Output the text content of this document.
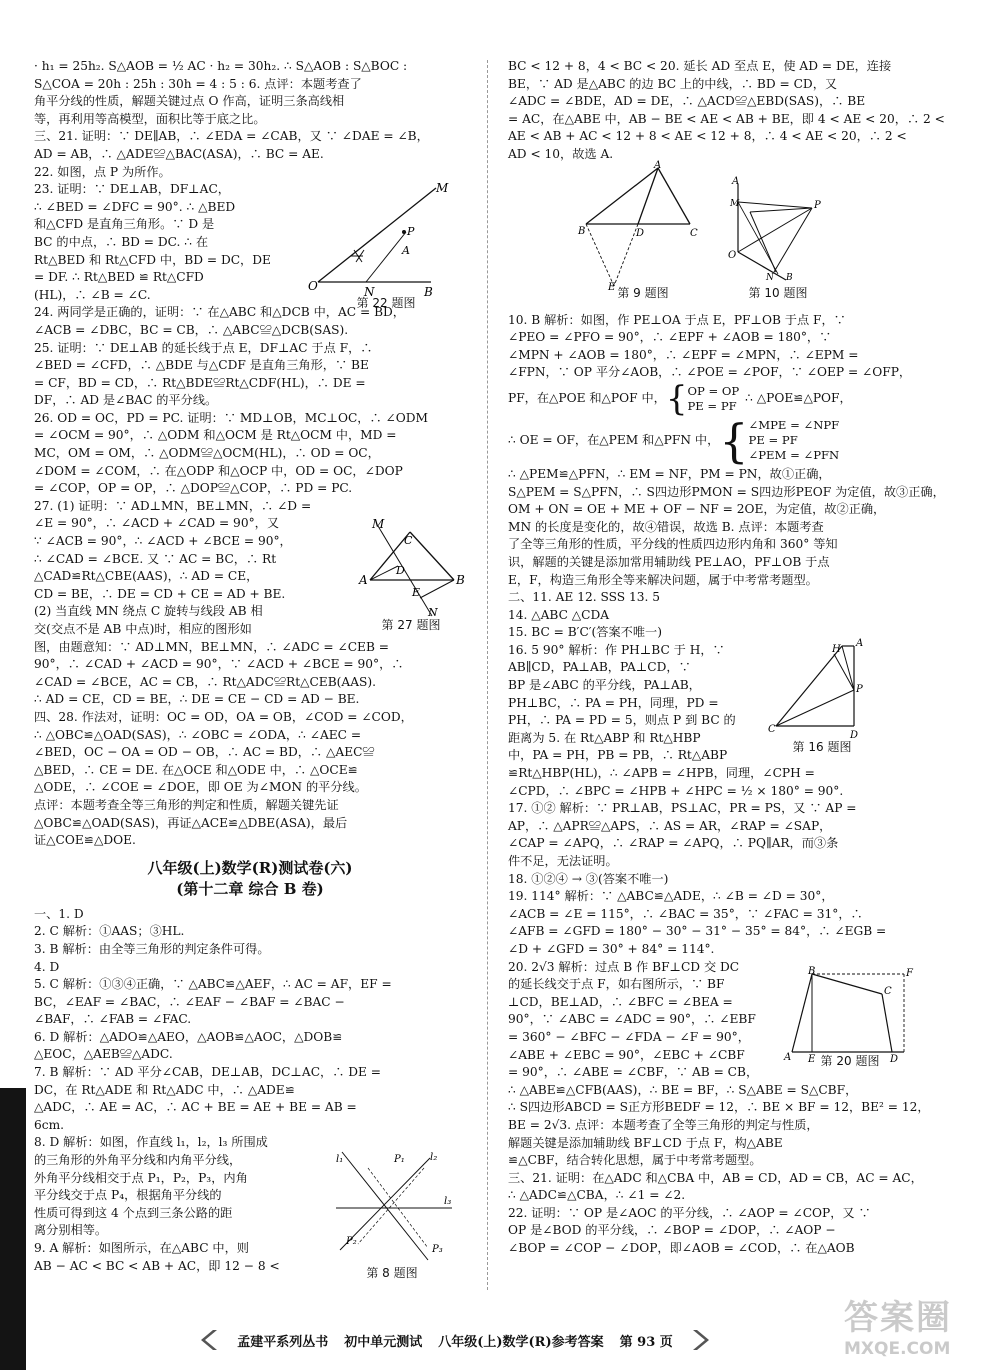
· h₁ = 25h₂. S△AOB = ½ AC · h₂ = 30h₂. ∴ S△AOB : S△BOC :
S△COA = 20h : 25h : 30h = 4 : 5 : 6. 点评：本题考查了
角平分线的性质，解题关键过点 O 作高，证明三条高线相
等，再利用等高模型，面积比等于底之比。
三、21. 证明：∵ DE∥AB，∴ ∠EDA = ∠CAB，又 ∵ ∠DAE = ∠B，
AD = AB，∴ △ADE≌△BAC(ASA)，∴ BC = AE.
22. 如图，点 P 为所作。
23. 证明：∵ DE⊥AB，DF⊥AC，
∴ ∠BED = ∠DFC = 90°. ∴ △BED
和△CFD 是直角三角形。∵ D 是
BC 的中点，∴ BD = DC. ∴ 在
Rt△BED 和 Rt△CFD 中，BD = DC，DE
= DF. ∴ Rt△BED ≌ Rt△CFD
(HL)，∴ ∠B = ∠C.
24. 两同学是正确的，证明：∵ 在△ABC 和△DCB 中，AC = BD，
∠ACB = ∠DBC，BC = CB，∴ △ABC≌△DCB(SAS).
25. 证明：∵ DE⊥AB 的延长线于点 E，DF⊥AC 于点 F，∴
∠BED = ∠CFD，∴ △BDE 与△CDF 是直角三角形，∵ BE
= CF，BD = CD，∴ Rt△BDE≌Rt△CDF(HL)，∴ DE =
DF，∴ AD 是∠BAC 的平分线。
26. OD = OC，PD = PC. 证明：∵ MD⊥OB，MC⊥OC，∴ ∠ODM
= ∠OCM = 90°，∴ △ODM 和△OCM 是 Rt△OCM 中，MD =
MC，OM = OM，∴ △ODM≌△OCM(HL)，∴ OD = OC，
∠DOM = ∠COM，∴ 在△ODP 和△OCP 中，OD = OC，∠DOP
= ∠COP，OP = OP，∴ △DOP≌△COP，∴ PD = PC.
27. (1) 证明：∵ AD⊥MN，BE⊥MN，∴ ∠D =
∠E = 90°，∴ ∠ACD + ∠CAD = 90°，又
∵ ∠ACB = 90°，∴ ∠ACD + ∠BCE = 90°，
∴ ∠CAD = ∠BCE. 又 ∵ AC = BC，∴ Rt
△CAD≌Rt△CBE(AAS)，∴ AD = CE，
CD = BE，∴ DE = CD + CE = AD + BE.
(2) 当直线 MN 绕点 C 旋转与线段 AB 相
交(交点不是 AB 中点)时，相应的图形如
图，由题意知：∵ AD⊥MN，BE⊥MN，∴ ∠ADC = ∠CEB =
90°，∴ ∠CAD + ∠ACD = 90°，∵ ∠ACD + ∠BCE = 90°，∴
∠CAD = ∠BCE，AC = CB，∴ Rt△ADC≌Rt△CEB(AAS).
∴ AD = CE，CD = BE，∴ DE = CE − CD = AD − BE.
四、28. 作法对，证明：OC = OD，OA = OB，∠COD = ∠COD，
∴ △OBC≌△OAD(SAS)，∴ ∠OBC = ∠ODA，∴ ∠AEC =
∠BED，OC − OA = OD − OB，∴ AC = BD，∴ △AEC≌
△BED，∴ CE = DE. 在△OCE 和△ODE 中，∴ △OCE≌
△ODE，∴ ∠COE = ∠DOE，即 OE 为∠MON 的平分线。
点评：本题考查全等三角形的判定和性质，解题关键先证
△OBC≌△OAD(SAS)，再证△ACE≌△DBE(ASA)，最后
证△COE≌△DOE.
八年级(上)数学(R)测试卷(六)
(第十二章 综合 B 卷)
一、1. D
2. C 解析：①AAS；③HL.
3. B 解析：由全等三角形的判定条件可得。
4. D
5. C 解析：①③④正确，∵ △ABC≌△AEF，∴ AC = AF，EF =
BC，∠EAF = ∠BAC，∴ ∠EAF − ∠BAF = ∠BAC −
∠BAF，∴ ∠FAB = ∠FAC.
6. D 解析：△ADO≌△AEO，△AOB≌△AOC，△DOB≌
△EOC，△AEB≌△ADC.
7. B 解析：∵ AD 平分∠CAB，DE⊥AB，DC⊥AC，∴ DE =
DC，在 Rt△ADE 和 Rt△ADC 中，∴ △ADE≌
△ADC，∴ AE = AC，∴ AC + BE = AE + BE = AB =
6cm.
8. D 解析：如图，作直线 l₁，l₂，l₃ 所围成
的三角形的外角平分线和内角平分线，
外角平分线相交于点 P₁，P₂，P₃，内角
平分线交于点 P₄，根据角平分线的
性质可得到这 4 个点到三条公路的距
离分别相等。
9. A 解析：如图所示，在△ABC 中，则
AB − AC < BC < AB + AC，即 12 − 8 <
BC < 12 + 8，4 < BC < 20. 延长 AD 至点 E，使 AD = DE，连接
BE，∵ AD 是△ABC 的边 BC 上的中线，∴ BD = CD，又
∠ADC = ∠BDE，AD = DE，∴ △ACD≌△EBD(SAS)，∴ BE
= AC，在△ABE 中，AB − BE < AE < AB + BE，即 4 < AE < 20，∴ 2 <
AE < AB + AC < 12 + 8 < AE < 12 + 8，∴ 4 < AE < 20，∴ 2 <
AD < 10，故选 A.
10. B 解析：如图，作 PE⊥OA 于点 E，PF⊥OB 于点 F，∵
∠PEO = ∠PFO = 90°，∴ ∠EPF + ∠AOB = 180°，∵
∠MPN + ∠AOB = 180°，∴ ∠EPF = ∠MPN，∴ ∠EPM =
∠FPN，∵ OP 平分∠AOB，∴ ∠POE = ∠POF，∵ ∠OEP = ∠OFP，
PF，在△POE 和△POF 中， { OP = OP
PE = PF
∴ △POE≌△POF，
∴ OE = OF，在△PEM 和△PFN 中， { ∠MPE = ∠NPF
PE = PF
∠PEM = ∠PFN
∴ △PEM≌△PFN，∴ EM = NF，PM = PN，故①正确，
S△PEM = S△PFN，∴ S四边形PMON = S四边形PEOF 为定值，故③正确，
OM + ON = OE + ME + OF − NF = 2OE，为定值，故②正确，
MN 的长度是变化的，故④错误，故选 B. 点评：本题考查
了全等三角形的性质，平分线的性质四边形内角和 360° 等知
识，解题的关键是添加常用辅助线 PE⊥AO，PF⊥OB 于点
E，F，构造三角形全等来解决问题，属于中考常考题型。
二、11. AE 12. SSS 13. 5
14. △ABC △CDA
15. BC = B′C′(答案不唯一)
16. 5 90° 解析：作 PH⊥BC 于 H，∵
AB∥CD，PA⊥AB，PA⊥CD，∵
BP 是∠ABC 的平分线，PA⊥AB，
PH⊥BC，∴ PA = PH，同理，PD =
PH，∴ PA = PD = 5，则点 P 到 BC 的
距离为 5. 在 Rt△ABP 和 Rt△HBP
中，PA = PH，PB = PB，∴ Rt△ABP
≌Rt△HBP(HL)，∴ ∠APB = ∠HPB，同理，∠CPH =
∠CPD，∴ ∠BPC = ∠HPB + ∠HPC = ½ × 180° = 90°.
17. ①② 解析：∵ PR⊥AB，PS⊥AC，PR = PS，又 ∵ AP =
AP，∴ △APR≌△APS，∴ AS = AR，∠RAP = ∠SAP，
∠CAP = ∠APQ，∴ ∠RAP = ∠APQ，∴ PQ∥AR，而③条
件不足，无法证明。
18. ①②④ → ③(答案不唯一)
19. 114° 解析：∵ △ABC≌△ADE，∴ ∠B = ∠D = 30°，
∠ACB = ∠E = 115°，∴ ∠BAC = 35°，∵ ∠FAC = 31°，∴
∠AFB = ∠GFD = 180° − 30° − 31° − 35° = 84°，∴ ∠EGB =
∠D + ∠GFD = 30° + 84° = 114°.
20. 2√3 解析：过点 B 作 BF⊥CD 交 DC
的延长线交于点 F，如右图所示，∵ BF
⊥CD，BE⊥AD，∴ ∠BFC = ∠BEA =
90°，∵ ∠ABC = ∠ADC = 90°，∴ ∠EBF
= 360° − ∠BFC − ∠FDA − ∠F = 90°，
∠ABE + ∠EBC = 90°，∠EBC + ∠CBF
= 90°，∴ ∠ABE = ∠CBF，∵ AB = CB，
∴ △ABE≌△CFB(AAS)，∴ BE = BF，∴ S△ABE = S△CBF，
∴ S四边形ABCD = S正方形BEDF = 12，∴ BE × BF = 12，BE² = 12，
BE = 2√3. 点评：本题考查了全等三角形的判定与性质，
解题关键是添加辅助线 BF⊥CD 于点 F，构△ABE
≌△CBF，结合转化思想，属于中考常考题型。
三、21. 证明：在△ADC 和△CBA 中，AB = CD，AD = CB，AC = AC，
∴ △ADC≌△CBA，∴ ∠1 = ∠2.
22. 证明：∵ OP 是∠AOC 的平分线，∴ ∠AOP = ∠COP，又 ∵
OP 是∠BOD 的平分线，∴ ∠BOP = ∠DOP，∴ ∠AOP −
∠BOP = ∠COP − ∠DOP，即∠AOB = ∠COD，∴ 在△AOB
O	N	B
M
P
A
第 22 题图
M
A	B
C
D
E
N
第 27 题图
l₁	l₂
l₃
P₁
P₃
P₂
第 8 题图
A
B	D	C
E 第 9 题图
A
M	P
O
N B
第 10 题图
H
P
C
D
A
第 16 题图
B	F
C
A E	D
第 20 题图
孟建平系列丛书 初中单元测试 八年级(上)数学(R)参考答案 第 93 页
答案圈
MXQE.COM
